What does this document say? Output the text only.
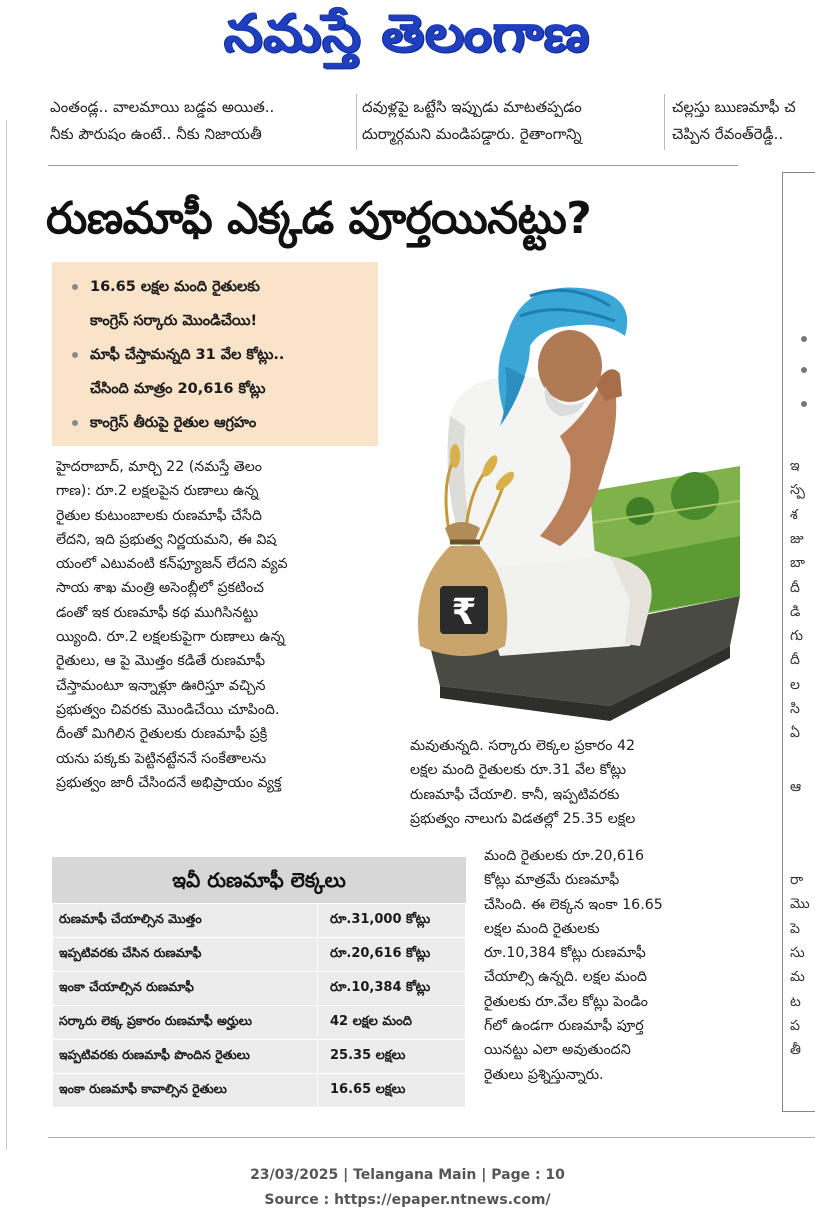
నమస్తే తెలంగాణ
ఎంతండ్ల.. వాలమాయి బడ్డవ అయిత..
నీకు పౌరుషం ఉంటే.. నీకు నిజాయతీ
దవుళ్లపై ఒట్టేసి ఇప్పుడు మాటతప్పడం
దుర్మార్గమని మండిపడ్డారు. రైతాంగాన్ని
చల్లస్తు ఋణమాఫీ చ
చెప్పిన రేవంత్‌రెడ్డీ..
రుణమాఫీ ఎక్కడ పూర్తయినట్టు?
16.65 లక్షల మంది రైతులకు
కాంగ్రెస్ సర్కారు మొండిచేయి!
మాఫీ చేస్తామన్నది 31 వేల కోట్లు..
చేసింది మాత్రం 20,616 కోట్లు
కాంగ్రెస్ తీరుపై రైతుల ఆగ్రహం
₹

హైదరాబాద్, మార్చి 22 (నమస్తే తెలం

గాణ): రూ.2 లక్షలపైన రుణాలు ఉన్న

రైతుల కుటుంబాలకు రుణమాఫీ చేసేది

లేదని, ఇది ప్రభుత్వ నిర్ణయమని, ఈ విష

యంలో ఎటువంటి కన్‌ఫ్యూజన్ లేదని వ్యవ

సాయ శాఖ మంత్రి అసెంబ్లీలో ప్రకటించ

డంతో ఇక రుణమాఫీ కథ ముగిసినట్టు

య్యింది. రూ.2 లక్షలకుపైగా రుణాలు ఉన్న

రైతులు, ఆ పై మొత్తం కడితే రుణమాఫీ

చేస్తామంటూ ఇన్నాళ్లూ ఊరిస్తూ వచ్చిన

ప్రభుత్వం చివరకు మొండిచేయి చూపింది.

దీంతో మిగిలిన రైతులకు రుణమాఫీ ప్రక్రి

యను పక్కకు పెట్టినట్టేననే సంకేతాలను

ప్రభుత్వం జారీ చేసిందనే అభిప్రాయం వ్యక్త

మవుతున్నది. సర్కారు లెక్కల ప్రకారం 42

లక్షల మంది రైతులకు రూ.31 వేల కోట్లు

రుణమాఫీ చేయాలి. కానీ, ఇప్పటివరకు

ప్రభుత్వం నాలుగు విడతల్లో 25.35 లక్షల

మంది రైతులకు రూ.20,616

కోట్లు మాత్రమే రుణమాఫీ

చేసింది. ఈ లెక్కన ఇంకా 16.65

లక్షల మంది రైతులకు

రూ.10,384 కోట్లు రుణమాఫీ

చేయాల్సి ఉన్నది. లక్షల మంది

రైతులకు రూ.వేల కోట్లు పెండిం

గ్‌లో ఉండగా రుణమాఫీ పూర్త

యినట్టు ఎలా అవుతుందని

రైతులు ప్రశ్నిస్తున్నారు.

ఇవీ రుణమాఫీ లెక్కలు
రుణమాఫీ చేయాల్సిన మొత్తం	రూ.31,000 కోట్లు
ఇప్పటివరకు చేసిన రుణమాఫీ	రూ.20,616 కోట్లు
ఇంకా చేయాల్సిన రుణమాఫీ	రూ.10,384 కోట్లు
సర్కారు లెక్క ప్రకారం రుణమాఫీ అర్హులు	42 లక్షల మంది
ఇప్పటివరకు రుణమాఫీ పొందిన రైతులు	25.35 లక్షలు
ఇంకా రుణమాఫీ కావాల్సిన రైతులు	16.65 లక్షలు
ఇ
స్ప
శ
జు
బా
దీ
డి
గు
దీ
ల
సి
ఏ
ఆ
రా
మొ
పె
సు
మ
ట
ప
తీ
23/03/2025 | Telangana Main | Page : 10
Source : https://epaper.ntnews.com/
